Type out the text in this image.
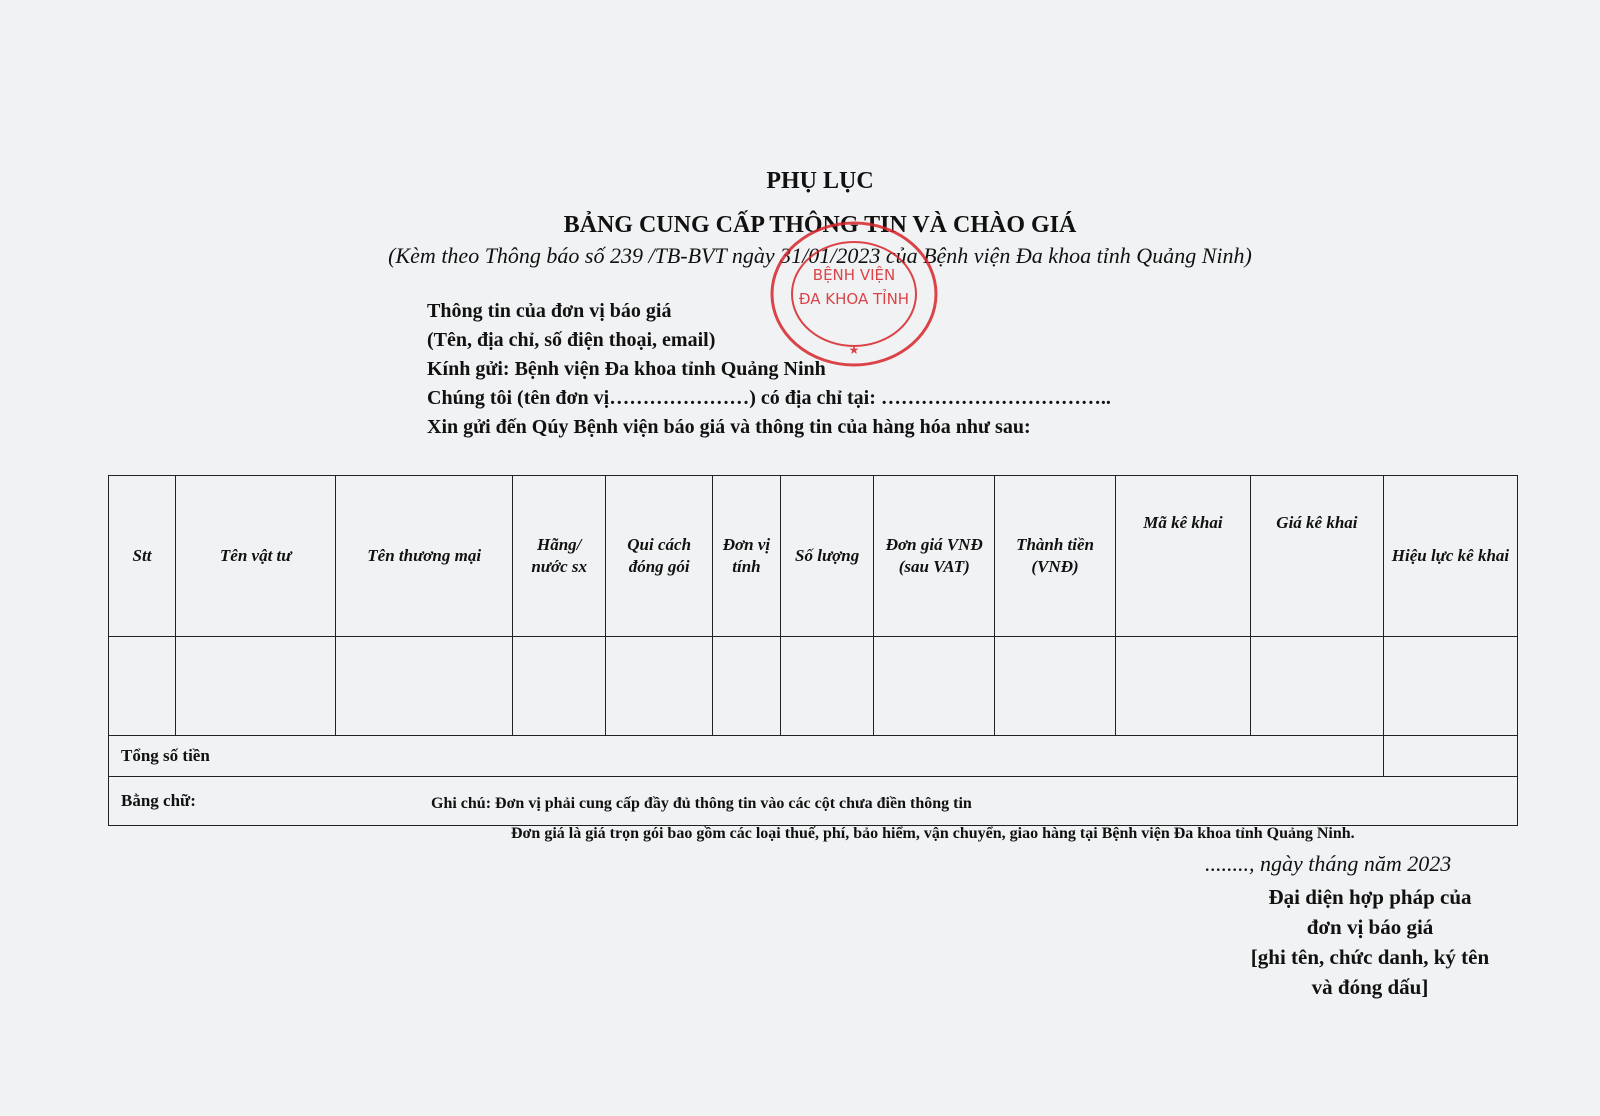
PHỤ LỤC
BẢNG CUNG CẤP THÔNG TIN VÀ CHÀO GIÁ
(Kèm theo Thông báo số 239 /TB-BVT ngày 31/01/2023 của Bệnh viện Đa khoa tỉnh Quảng Ninh)
Thông tin của đơn vị báo giá
(Tên, địa chỉ, số điện thoại, email)
Kính gửi: Bệnh viện Đa khoa tỉnh Quảng Ninh
Chúng tôi (tên đơn vị…………………) có địa chỉ tại: ……………………………..
Xin gửi đến Qúy Bệnh viện báo giá và thông tin của hàng hóa như sau:
BỆNH VIỆN
ĐA KHOA TỈNH
★
Stt	Tên vật tư	Tên thương mại	Hãng/ nước sx	Qui cách đóng gói	Đơn vị tính	Số lượng	Đơn giá VNĐ (sau VAT)	Thành tiền (VNĐ)	Mã kê khai	Giá kê khai	Hiệu lực kê khai

Tổng số tiền											
Bằng chữ:												Ghi chú: Đơn vị phải cung cấp đầy đủ thông tin vào các cột chưa điền thông tin
Đơn giá là giá trọn gói bao gồm các loại thuế, phí, bảo hiểm, vận chuyển, giao hàng tại Bệnh viện Đa khoa tỉnh Quảng Ninh.
........, ngày tháng năm 2023
Đại diện hợp pháp của
đơn vị báo giá
[ghi tên, chức danh, ký tên
và đóng dấu]
